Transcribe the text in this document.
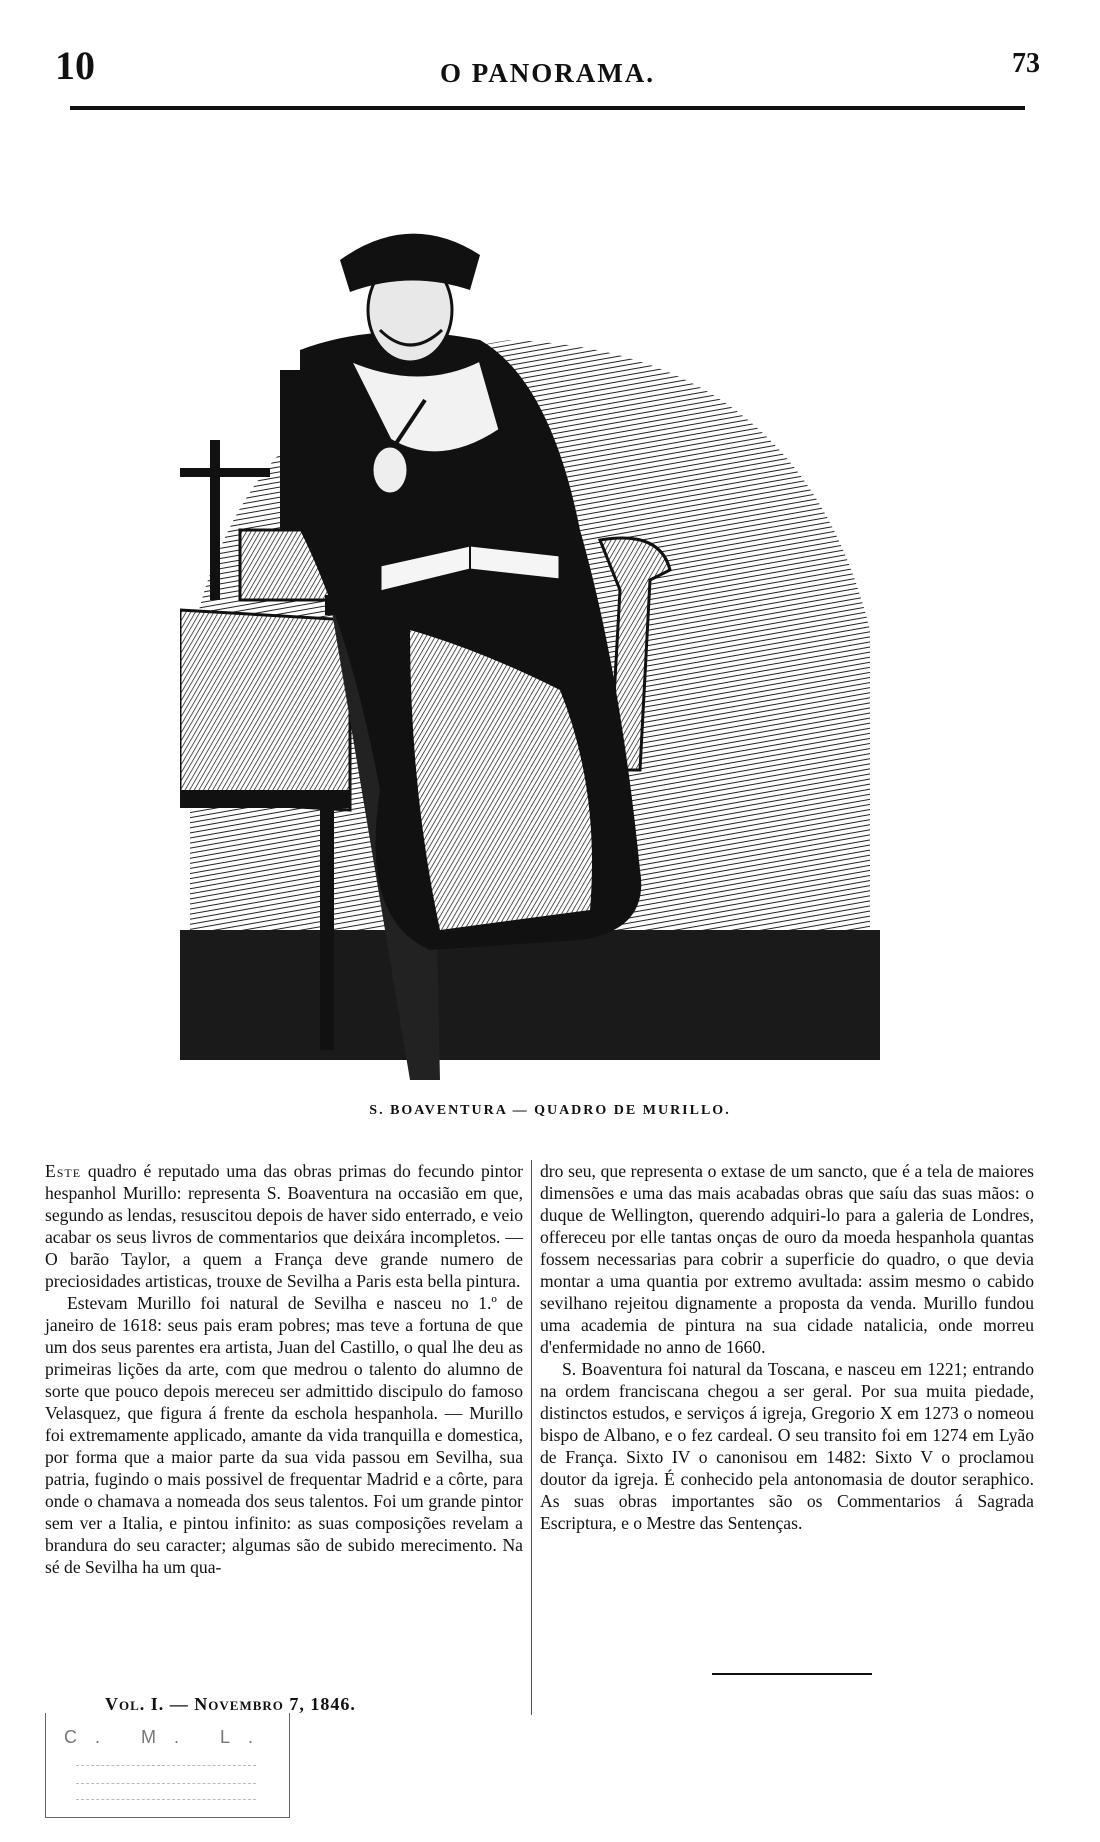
10	O PANORAMA.	73
S. BOAVENTURA — QUADRO DE MURILLO.

Este quadro é reputado uma das obras primas do fecundo pintor hespanhol Murillo: representa S. Boaventura na occasião em que, segundo as lendas, resuscitou depois de haver sido enterrado, e veio acabar os seus livros de commentarios que deixára incompletos. — O barão Taylor, a quem a França deve grande numero de preciosidades artisticas, trouxe de Sevilha a Paris esta bella pintura.

Estevam Murillo foi natural de Sevilha e nasceu no 1.º de janeiro de 1618: seus pais eram pobres; mas teve a fortuna de que um dos seus parentes era artista, Juan del Castillo, o qual lhe deu as primeiras lições da arte, com que medrou o talento do alumno de sorte que pouco depois mereceu ser admittido discipulo do famoso Velasquez, que figura á frente da eschola hespanhola. — Murillo foi extremamente applicado, amante da vida tranquilla e domestica, por forma que a maior parte da sua vida passou em Sevilha, sua patria, fugindo o mais possivel de frequentar Madrid e a côrte, para onde o chamava a nomeada dos seus talentos. Foi um grande pintor sem ver a Italia, e pintou infinito: as suas composições revelam a brandura do seu caracter; algumas são de subido merecimento. Na sé de Sevilha ha um qua-

dro seu, que representa o extase de um sancto, que é a tela de maiores dimensões e uma das mais acabadas obras que saíu das suas mãos: o duque de Wellington, querendo adquiri-lo para a galeria de Londres, offereceu por elle tantas onças de ouro da moeda hespanhola quantas fossem necessarias para cobrir a superficie do quadro, o que devia montar a uma quantia por extremo avultada: assim mesmo o cabido sevilhano rejeitou dignamente a proposta da venda. Murillo fundou uma academia de pintura na sua cidade natalicia, onde morreu d'enfermidade no anno de 1660.

S. Boaventura foi natural da Toscana, e nasceu em 1221; entrando na ordem franciscana chegou a ser geral. Por sua muita piedade, distinctos estudos, e serviços á igreja, Gregorio X em 1273 o nomeou bispo de Albano, e o fez cardeal. O seu transito foi em 1274 em Lyão de França. Sixto IV o canonisou em 1482: Sixto V o proclamou doutor da igreja. É conhecido pela antonomasia de doutor seraphico. As suas obras importantes são os Commentarios á Sagrada Escriptura, e o Mestre das Sentenças.

Vol. I. — Novembro 7, 1846.
C. M. L.
